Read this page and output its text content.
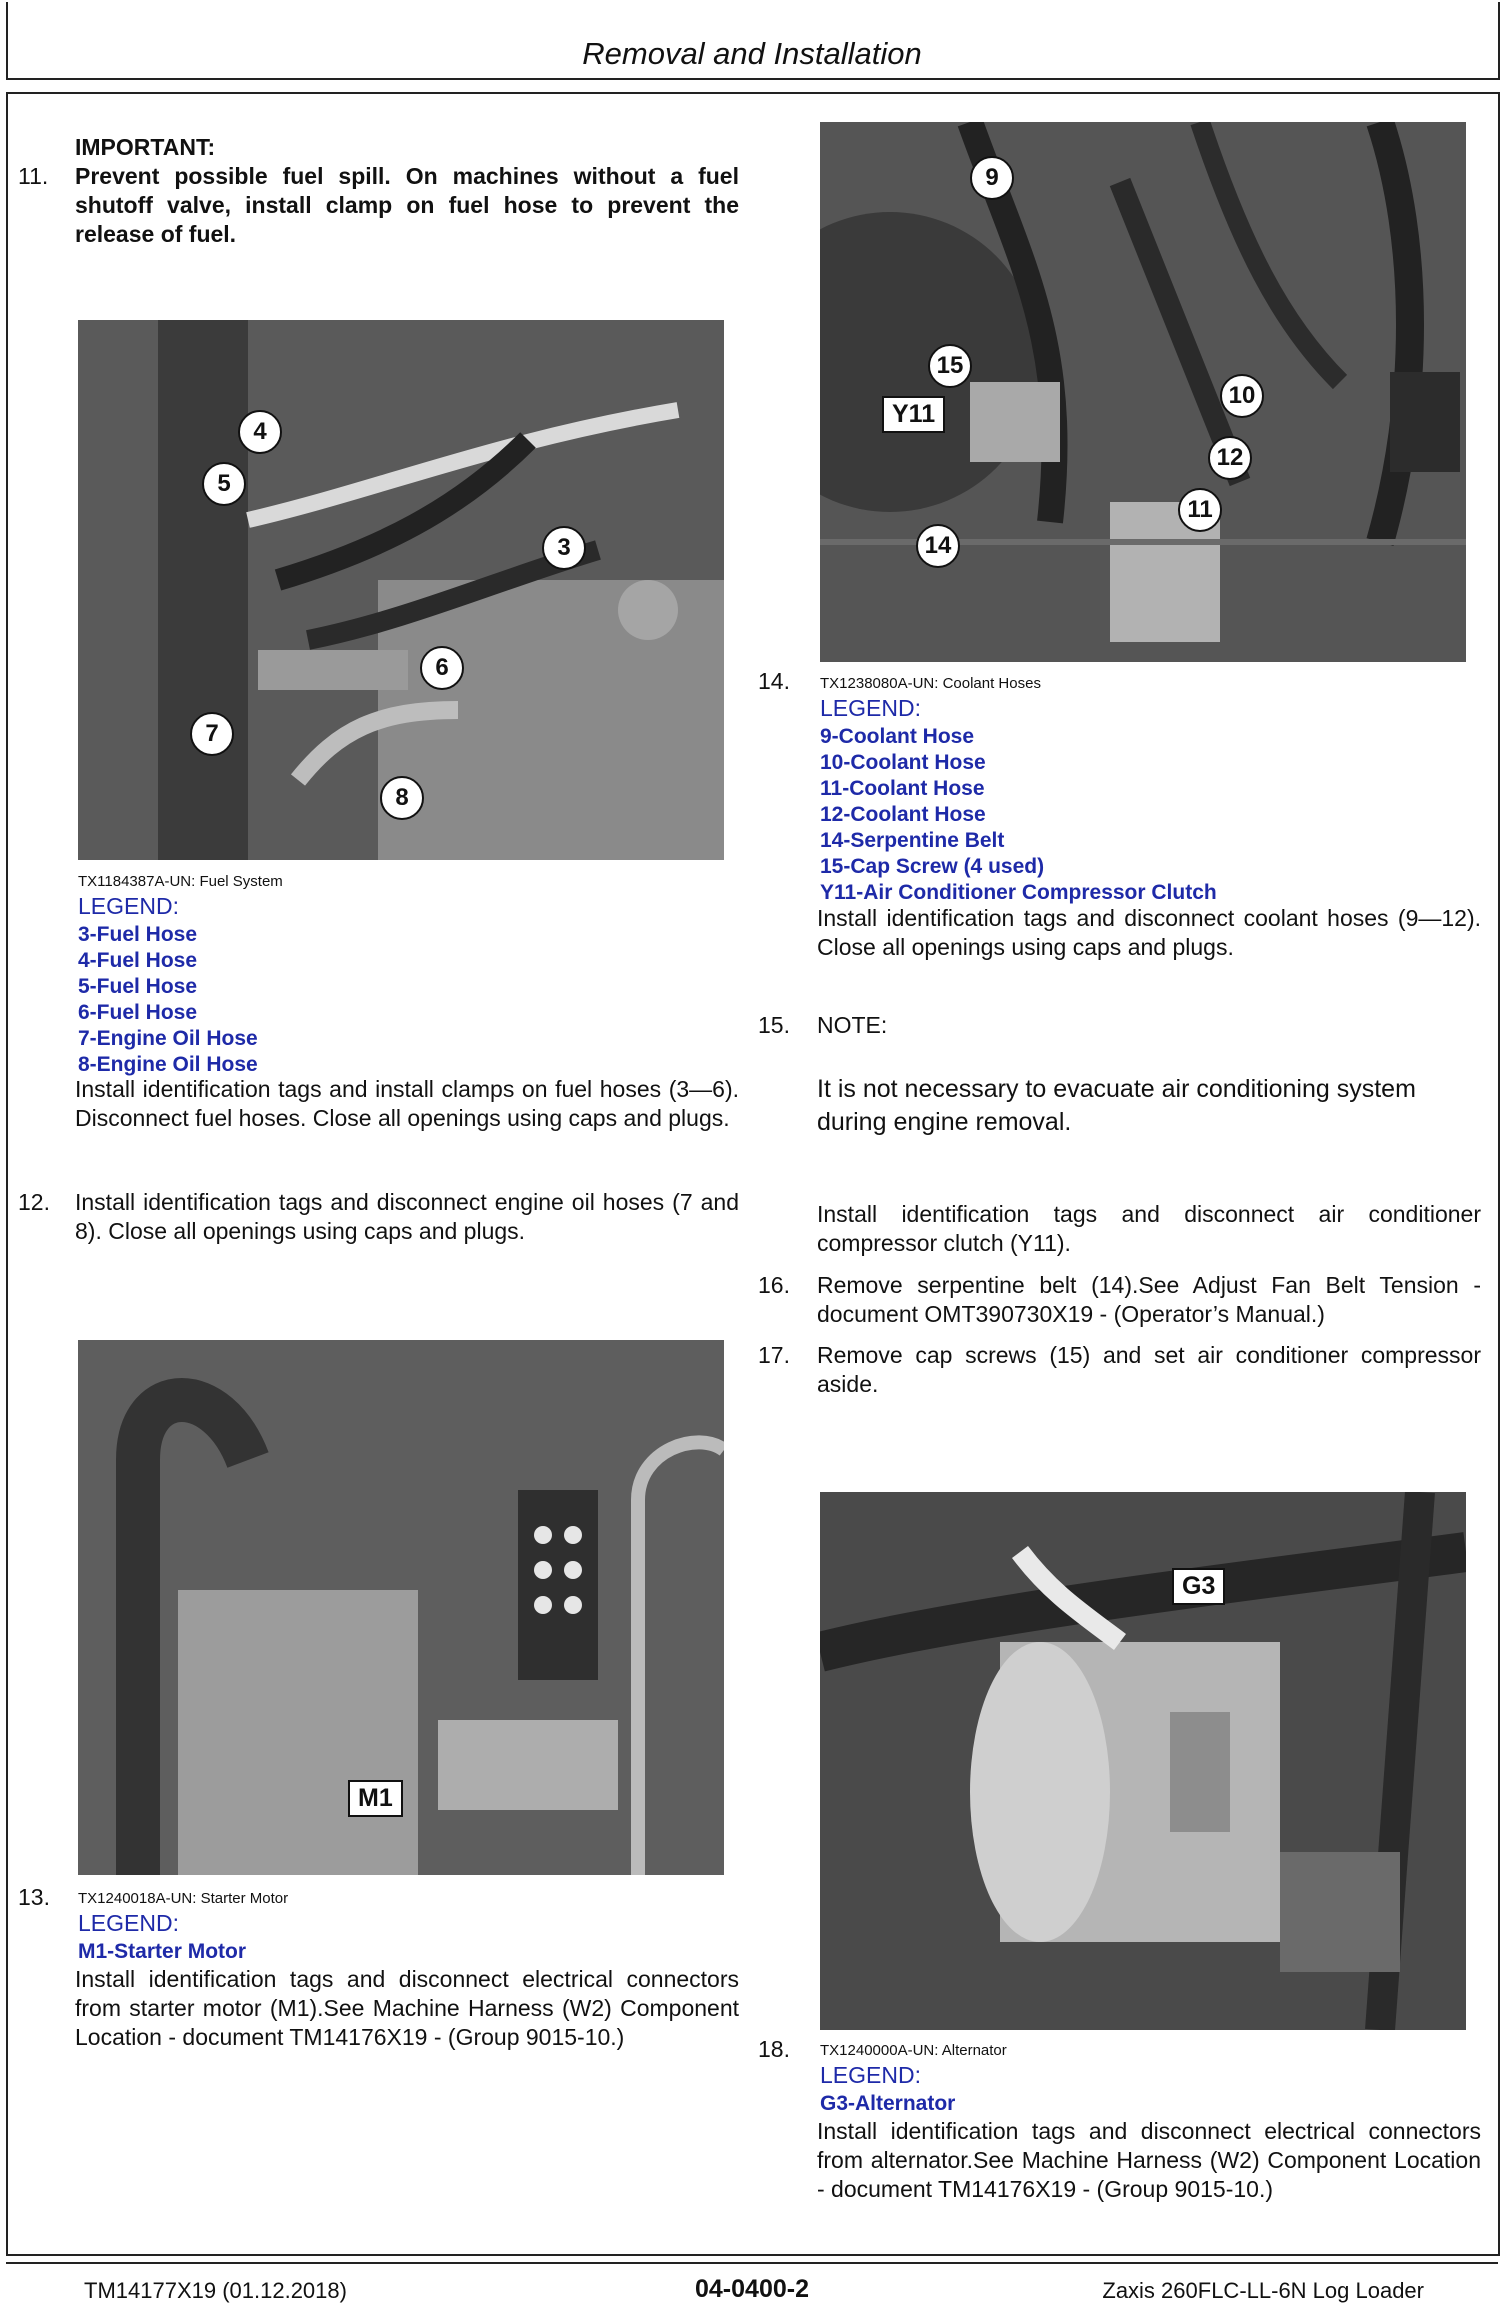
Removal and Installation
11.
IMPORTANT:
Prevent possible fuel spill. On machines without a fuel shutoff valve, install clamp on fuel hose to prevent the release of fuel.
4
5
3
6
7
8
TX1184387A-UN: Fuel System
LEGEND:
3-Fuel Hose
4-Fuel Hose
5-Fuel Hose
6-Fuel Hose
7-Engine Oil Hose
8-Engine Oil Hose
Install identification tags and install clamps on fuel hoses (3—6). Disconnect fuel hoses. Close all openings using caps and plugs.
12. Install identification tags and disconnect engine oil hoses (7 and 8). Close all openings using caps and plugs.
M1
13. TX1240018A-UN: Starter Motor
LEGEND:
M1-Starter Motor
Install identification tags and disconnect electrical connectors from starter motor (M1).See Machine Harness (W2) Component Location - document TM14176X19 - (Group 9015-10.)
9
15
10
12
11
14
Y11
14. TX1238080A-UN: Coolant Hoses
LEGEND:
9-Coolant Hose
10-Coolant Hose
11-Coolant Hose
12-Coolant Hose
14-Serpentine Belt
15-Cap Screw (4 used)
Y11-Air Conditioner Compressor Clutch
Install identification tags and disconnect coolant hoses (9—12). Close all openings using caps and plugs.
15. NOTE:
It is not necessary to evacuate air conditioning system during engine removal.
Install identification tags and disconnect air conditioner compressor clutch (Y11).
16. Remove serpentine belt (14).See Adjust Fan Belt Tension - document OMT390730X19 - (Operator’s Manual.)
17. Remove cap screws (15) and set air conditioner compressor aside.
G3
18. TX1240000A-UN: Alternator
LEGEND:
G3-Alternator
Install identification tags and disconnect electrical connectors from alternator.See Machine Harness (W2) Component Location - document TM14176X19 - (Group 9015-10.)
TM14177X19 (01.12.2018)	04-0400-2	Zaxis 260FLC-LL-6N Log Loader
